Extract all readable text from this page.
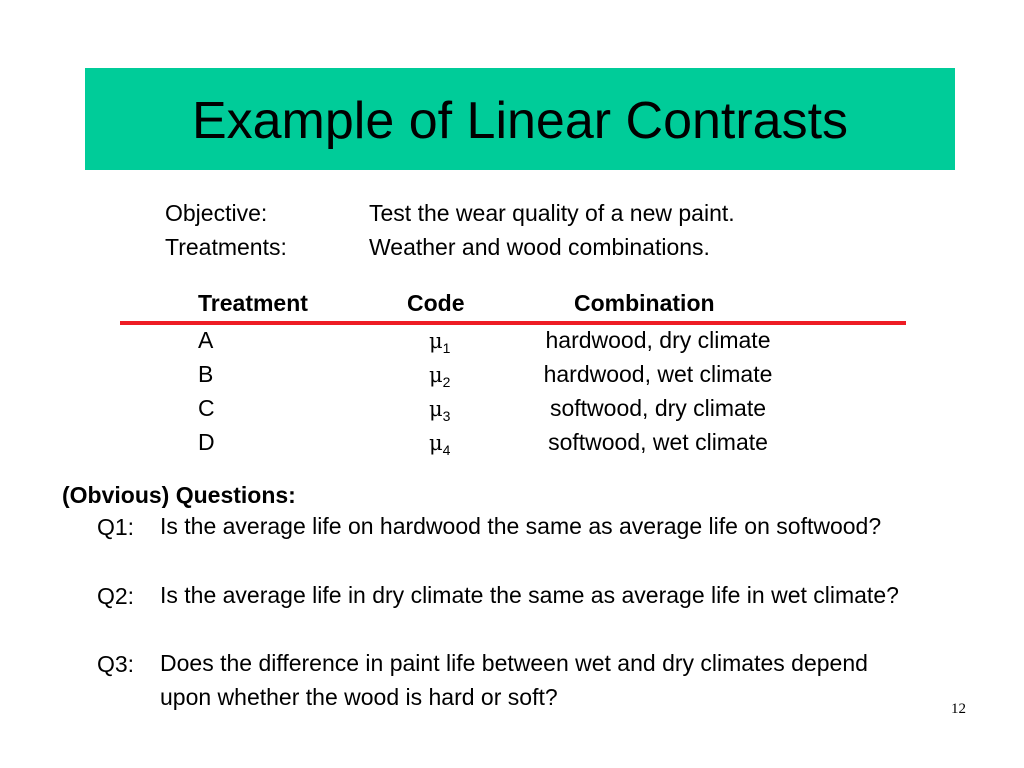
Example of Linear Contrasts
Objective:	Test the wear quality of a new paint.
Treatments:	Weather and wood combinations.
Treatment	Code	Combination
A	$\mu_1$	hardwood, dry climate
B	$\mu_2$	hardwood, wet climate
C	$\mu_3$	softwood, dry climate
D	$\mu_4$	softwood, wet climate
(Obvious) Questions:
Q1: Is the average life on hardwood the same as average life on softwood?
Q2: Is the average life in dry climate the same as average life in wet climate?
Q3: Does the difference in paint life between wet and dry climates depend upon whether the wood is hard or soft?	12
